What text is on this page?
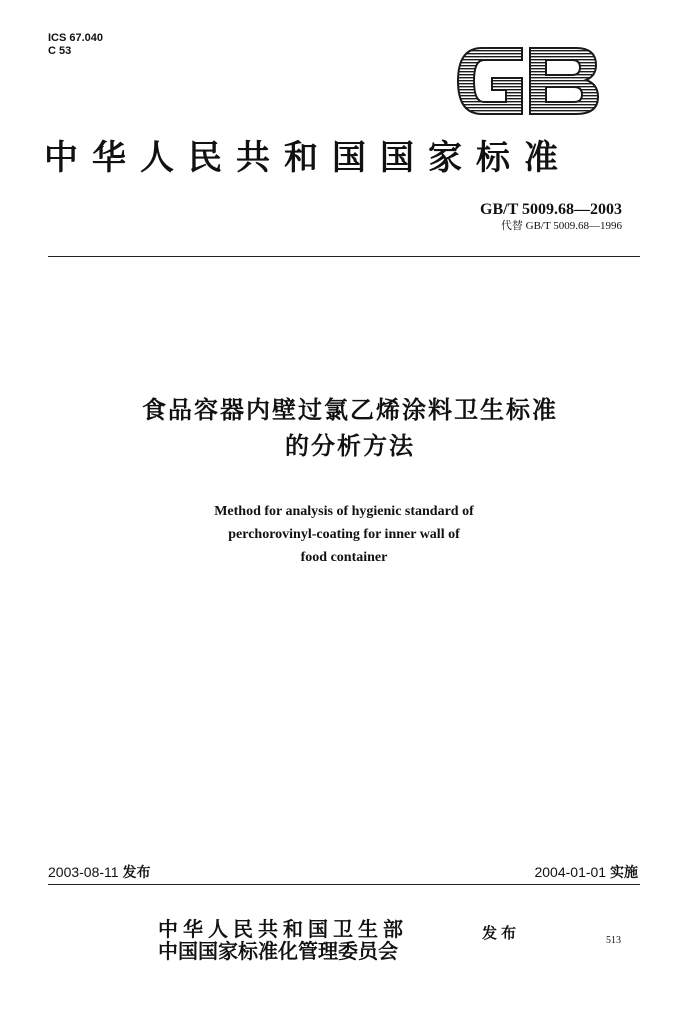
ICS 67.040
C 53
中华人民共和国国家标准
GB/T 5009.68—2003
代替 GB/T 5009.68—1996
食品容器内壁过氯乙烯涂料卫生标准
的分析方法
Method for analysis of hygienic standard of
perchorovinyl-coating for inner wall of
food container
2003-08-11 发布	2004-01-01 实施
中华人民共和国卫生部
中国国家标准化管理委员会
发布	513
